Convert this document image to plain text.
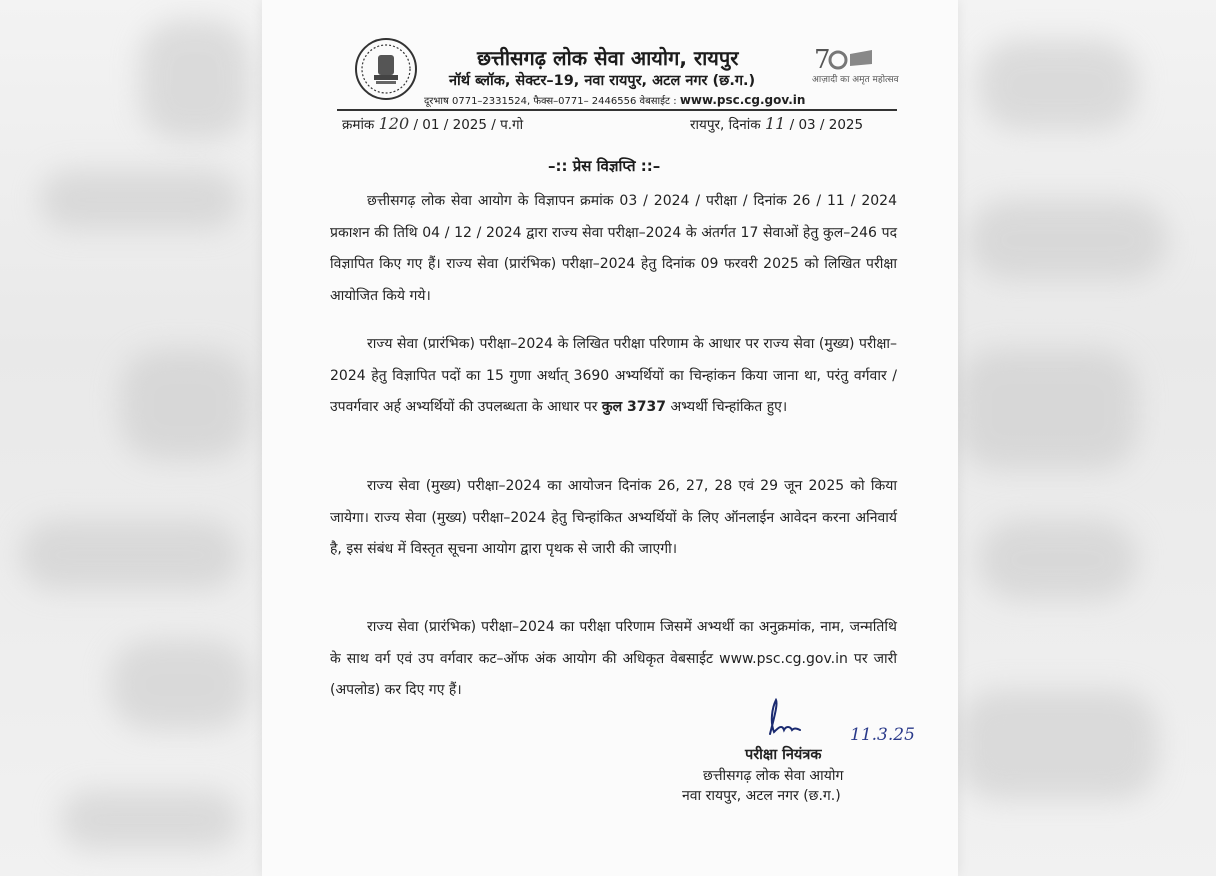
छत्तीसगढ़ लोक सेवा आयोग, रायपुर
नॉर्थ ब्लॉक, सेक्टर–19, नवा रायपुर, अटल नगर (छ.ग.)
दूरभाष 0771–2331524, फैक्स–0771– 2446556 वेबसाईट : www.psc.cg.gov.in
7
आज़ादी का अमृत महोत्सव
क्रमांक 120 / 01 / 2025 / प.गो	रायपुर, दिनांक 11 / 03 / 2025
–:: प्रेस विज्ञप्ति ::–

छत्तीसगढ़ लोक सेवा आयोग के विज्ञापन क्रमांक 03 / 2024 / परीक्षा / दिनांक 26 / 11 / 2024 प्रकाशन की तिथि 04 / 12 / 2024 द्वारा राज्य सेवा परीक्षा–2024 के अंतर्गत 17 सेवाओं हेतु कुल–246 पद विज्ञापित किए गए हैं। राज्य सेवा (प्रारंभिक) परीक्षा–2024 हेतु दिनांक 09 फरवरी 2025 को लिखित परीक्षा आयोजित किये गये।

राज्य सेवा (प्रारंभिक) परीक्षा–2024 के लिखित परीक्षा परिणाम के आधार पर राज्य सेवा (मुख्य) परीक्षा–2024 हेतु विज्ञापित पदों का 15 गुणा अर्थात् 3690 अभ्यर्थियों का चिन्हांकन किया जाना था, परंतु वर्गवार / उपवर्गवार अर्ह अभ्यर्थियों की उपलब्धता के आधार पर कुल 3737 अभ्यर्थी चिन्हांकित हुए।

राज्य सेवा (मुख्य) परीक्षा–2024 का आयोजन दिनांक 26, 27, 28 एवं 29 जून 2025 को किया जायेगा। राज्य सेवा (मुख्य) परीक्षा–2024 हेतु चिन्हांकित अभ्यर्थियों के लिए ऑनलाईन आवेदन करना अनिवार्य है, इस संबंध में विस्तृत सूचना आयोग द्वारा पृथक से जारी की जाएगी।

राज्य सेवा (प्रारंभिक) परीक्षा–2024 का परीक्षा परिणाम जिसमें अभ्यर्थी का अनुक्रमांक, नाम, जन्मतिथि के साथ वर्ग एवं उप वर्गवार कट–ऑफ अंक आयोग की अधिकृत वेबसाईट www.psc.cg.gov.in पर जारी (अपलोड) कर दिए गए हैं।

11.3.25
परीक्षा नियंत्रक
छत्तीसगढ़ लोक सेवा आयोग
नवा रायपुर, अटल नगर (छ.ग.)
